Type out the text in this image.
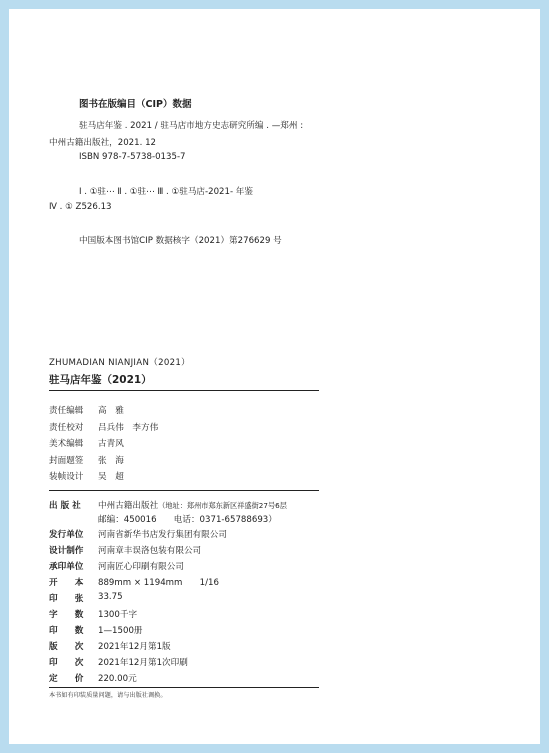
图书在版编目（CIP）数据
驻马店年鉴 . 2021 / 驻马店市地方史志研究所编 . —郑州 :
中州古籍出版社，2021. 12
ISBN 978-7-5738-0135-7
Ⅰ . ①驻⋯ Ⅱ . ①驻⋯ Ⅲ . ①驻马店-2021- 年鉴
Ⅳ . ① Z526.13
中国版本图书馆CIP 数据核字（2021）第276629 号
ZHUMADIAN NIANJIAN（2021）
驻马店年鉴（2021）
责任编辑 高　雅
责任校对 吕兵伟　李方伟
美术编辑 古青风
封面题签 张　海
装帧设计 吴　超
出 版 社 中州古籍出版社（地址：郑州市郑东新区祥盛街27号6层
邮编：450016　　电话：0371-65788693）
发行单位 河南省新华书店发行集团有限公司
设计制作 河南章丰误洛包装有限公司
承印单位 河南匠心印刷有限公司
开　　本 889mm × 1194mm　　1/16
印　　张 33.75
字　　数 1300千字
印　　数 1—1500册
版　　次 2021年12月第1版
印　　次 2021年12月第1次印刷
定　　价 220.00元
本书如有印装质量问题，请与出版社调换。
